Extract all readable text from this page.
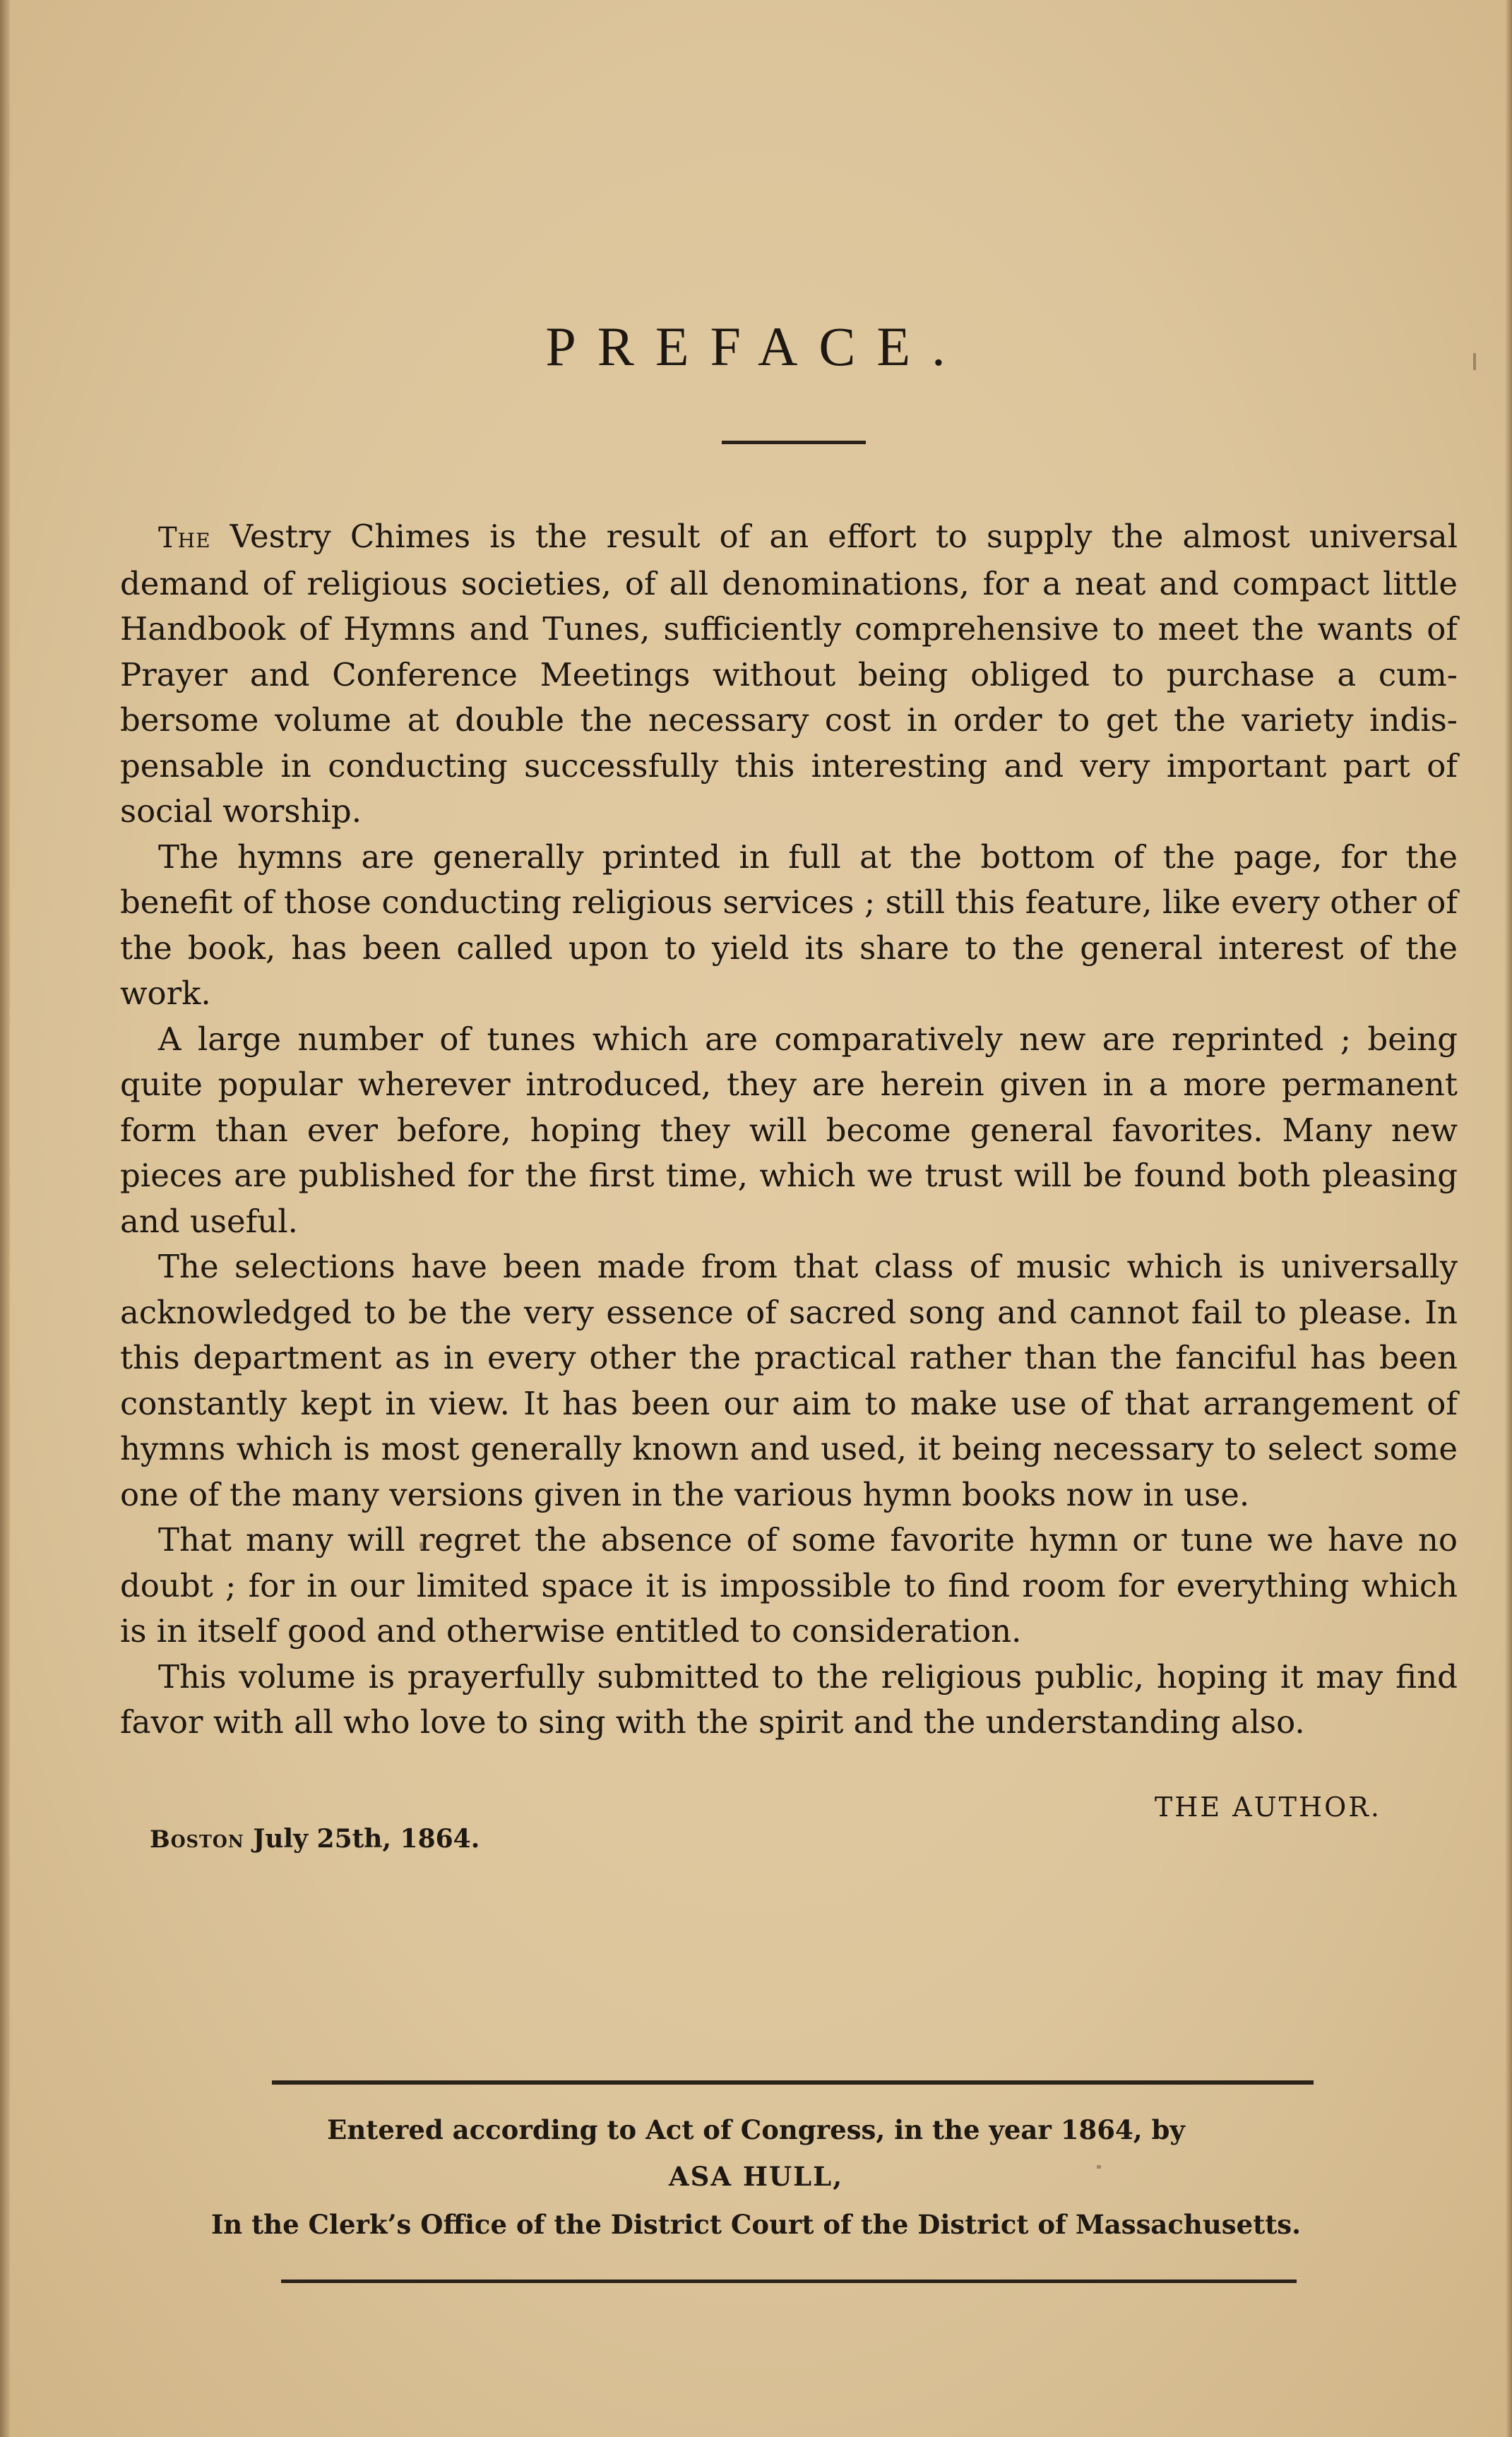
PREFACE.

The Vestry Chimes is the result of an effort to supply the almost universal demand of religious societies, of all denominations, for a neat and compact little Handbook of Hymns and Tunes, sufficiently comprehensive to meet the wants of Prayer and Conference Meetings without being obliged to purchase a cumbersome volume at double the necessary cost in order to get the variety indispensable in conducting successfully this interesting and very important part of social worship.

The hymns are generally printed in full at the bottom of the page, for the benefit of those conducting religious services ; still this feature, like every other of the book, has been called upon to yield its share to the general interest of the work.

A large number of tunes which are comparatively new are reprinted ; being quite popular wherever introduced, they are herein given in a more permanent form than ever before, hoping they will become general favorites. Many new pieces are published for the first time, which we trust will be found both pleasing and useful.

The selections have been made from that class of music which is universally acknowledged to be the very essence of sacred song and cannot fail to please. In this department as in every other the practical rather than the fanciful has been constantly kept in view. It has been our aim to make use of that arrangement of hymns which is most generally known and used, it being necessary to select some one of the many versions given in the various hymn books now in use.

That many will regret the absence of some favorite hymn or tune we have no doubt ; for in our limited space it is impossible to find room for everything which is in itself good and otherwise entitled to consideration.

This volume is prayerfully submitted to the religious public, hoping it may find favor with all who love to sing with the spirit and the understanding also.

THE AUTHOR.
Boston July 25th, 1864.
Entered according to Act of Congress, in the year 1864, by
ASA HULL,
In the Clerk’s Office of the District Court of the District of Massachusetts.
